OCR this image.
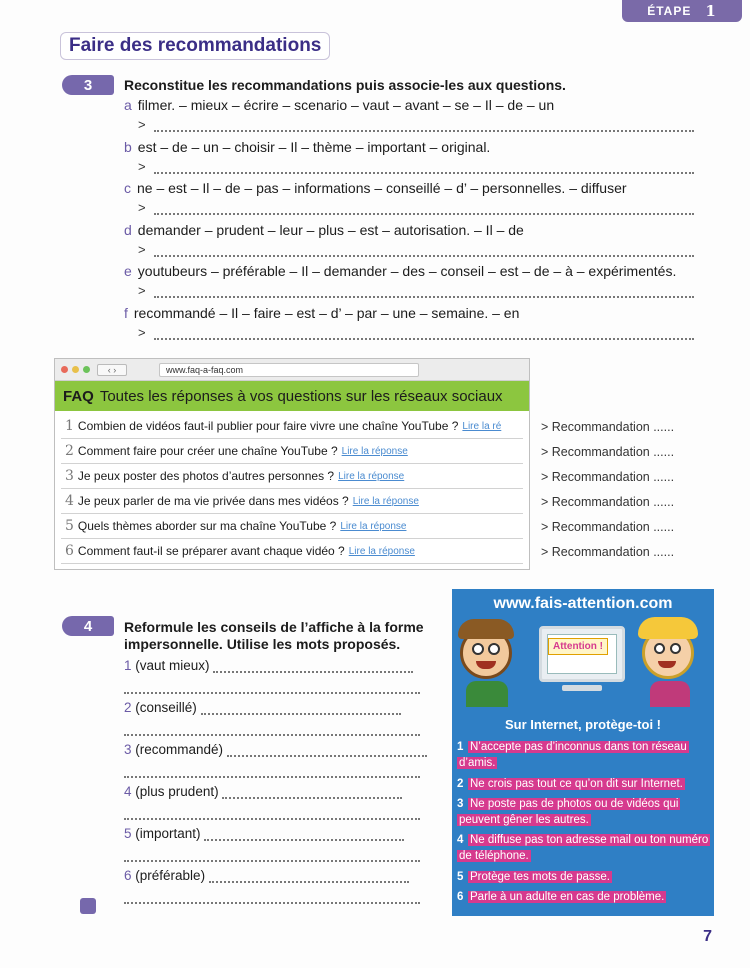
ÉTAPE 1
Faire des recommandations
3	Reconstitue les recommandations puis associe-les aux questions.
a filmer. – mieux – écrire – scenario – vaut – avant – se – Il – de – un
>
b est – de – un – choisir – Il – thème – important – original.
>
c ne – est – Il – de – pas – informations – conseillé – d’ – personnelles. – diffuser
>
d demander – prudent – leur – plus – est – autorisation. – Il – de
>
e youtubeurs – préférable – Il – demander – des – conseil – est – de – à – expérimentés.
>
f recommandé – Il – faire – est – d’ – par – une – semaine. – en
>
‹ ›	www.faq-a-faq.com
FAQ Toutes les réponses à vos questions sur les réseaux sociaux
1 Combien de vidéos faut-il publier pour faire vivre une chaîne YouTube ? Lire la ré
2 Comment faire pour créer une chaîne YouTube ? Lire la réponse
3 Je peux poster des photos d’autres personnes ? Lire la réponse
4 Je peux parler de ma vie privée dans mes vidéos ? Lire la réponse
5 Quels thèmes aborder sur ma chaîne YouTube ? Lire la réponse
6 Comment faut-il se préparer avant chaque vidéo ? Lire la réponse
> Recommandation ......
> Recommandation ......
> Recommandation ......
> Recommandation ......
> Recommandation ......
> Recommandation ......
4	Reformule les conseils de l’affiche à la forme
impersonnelle. Utilise les mots proposés.
1 (vaut mieux)
2 (conseillé)
3 (recommandé)
4 (plus prudent)
5 (important)
6 (préférable)
www.fais-attention.com
Attention !
Sur Internet, protège-toi !
1 N’accepte pas d’inconnus dans ton réseau d’amis.
2 Ne crois pas tout ce qu’on dit sur Internet.
3 Ne poste pas de photos ou de vidéos qui peuvent gêner les autres.
4 Ne diffuse pas ton adresse mail ou ton numéro de téléphone.
5 Protège tes mots de passe.
6 Parle à un adulte en cas de problème.
7
